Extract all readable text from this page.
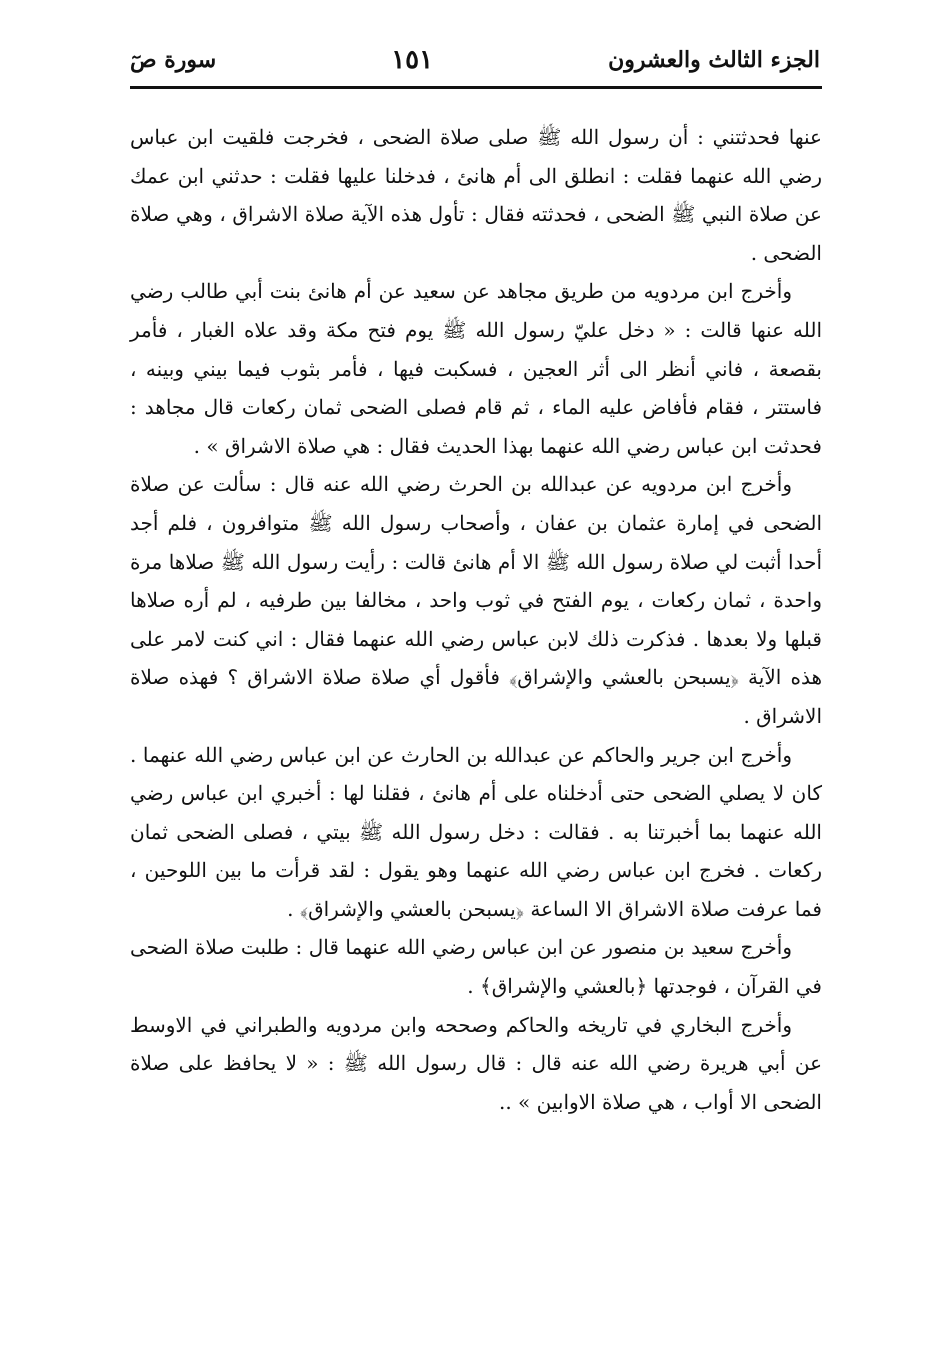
الجزء الثالث والعشرون
١٥١
سورة صٓ

عنها فحدثتني : أن رسول الله ﷺ صلى صلاة الضحى ، فخرجت فلقيت ابن عباس رضي الله عنهما فقلت : انطلق الى أم هانئ ، فدخلنا عليها فقلت : حدثني ابن عمك عن صلاة النبي ﷺ الضحى ، فحدثته فقال : تأول هذه الآية صلاة الاشراق ، وهي صلاة الضحى .

وأخرج ابن مردويه من طريق مجاهد عن سعيد عن أم هانئ بنت أبي طالب رضي الله عنها قالت : « دخل عليّ رسول الله ﷺ يوم فتح مكة وقد علاه الغبار ، فأمر بقصعة ، فاني أنظر الى أثر العجين ، فسكبت فيها ، فأمر بثوب فيما بيني وبينه ، فاستتر ، فقام فأفاض عليه الماء ، ثم قام فصلى الضحى ثمان ركعات قال مجاهد : فحدثت ابن عباس رضي الله عنهما بهذا الحديث فقال : هي صلاة الاشراق » .

وأخرج ابن مردويه عن عبدالله بن الحرث رضي الله عنه قال : سألت عن صلاة الضحى في إمارة عثمان بن عفان ، وأصحاب رسول الله ﷺ متوافرون ، فلم أجد أحدا أثبت لي صلاة رسول الله ﷺ الا أم هانئ قالت : رأيت رسول الله ﷺ صلاها مرة واحدة ، ثمان ركعات ، يوم الفتح في ثوب واحد ، مخالفا بين طرفيه ، لم أره صلاها قبلها ولا بعدها . فذكرت ذلك لابن عباس رضي الله عنهما فقال : اني كنت لامر على هذه الآية ﴿يسبحن بالعشي والإشراق﴾ فأقول أي صلاة صلاة الاشراق ؟ فهذه صلاة الاشراق .

وأخرج ابن جرير والحاكم عن عبدالله بن الحارث عن ابن عباس رضي الله عنهما . كان لا يصلي الضحى حتى أدخلناه على أم هانئ ، فقلنا لها : أخبري ابن عباس رضي الله عنهما بما أخبرتنا به . فقالت : دخل رسول الله ﷺ بيتي ، فصلى الضحى ثمان ركعات . فخرج ابن عباس رضي الله عنهما وهو يقول : لقد قرأت ما بين اللوحين ، فما عرفت صلاة الاشراق الا الساعة ﴿يسبحن بالعشي والإشراق﴾ .

وأخرج سعيد بن منصور عن ابن عباس رضي الله عنهما قال : طلبت صلاة الضحى في القرآن ، فوجدتها ﴿بالعشي والإشراق﴾ .

وأخرج البخاري في تاريخه والحاكم وصححه وابن مردويه والطبراني في الاوسط عن أبي هريرة رضي الله عنه قال : قال رسول الله ﷺ : « لا يحافظ على صلاة الضحى الا أواب ، هي صلاة الاوابين » ..
